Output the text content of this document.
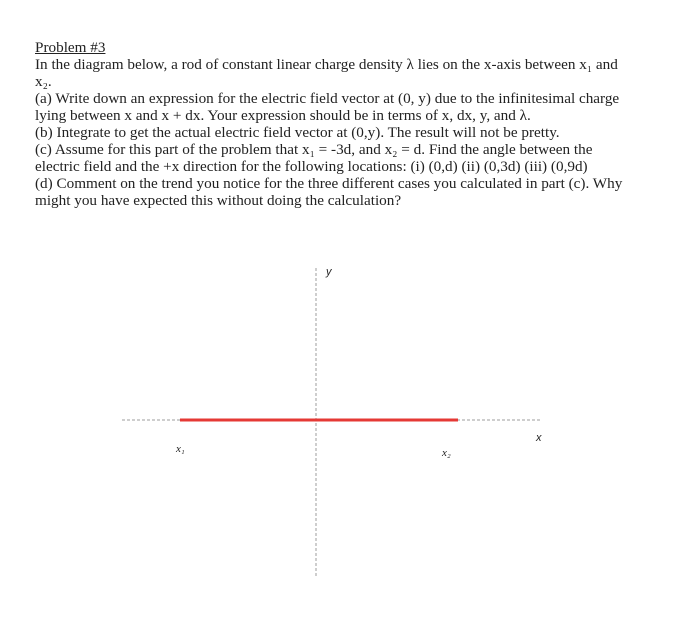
Problem #3
In the diagram below, a rod of constant linear charge density λ lies on the x-axis between x₁ and
x₂.
(a) Write down an expression for the electric field vector at (0, y) due to the infinitesimal charge
lying between x and x + dx. Your expression should be in terms of x, dx, y, and λ.
(b) Integrate to get the actual electric field vector at (0,y). The result will not be pretty.
(c) Assume for this part of the problem that x₁ = -3d, and x₂ = d. Find the angle between the
electric field and the +x direction for the following locations: (i) (0,d) (ii) (0,3d) (iii) (0,9d)
(d) Comment on the trend you notice for the three different cases you calculated in part (c). Why
might you have expected this without doing the calculation?
y
x
x₁	x₂
